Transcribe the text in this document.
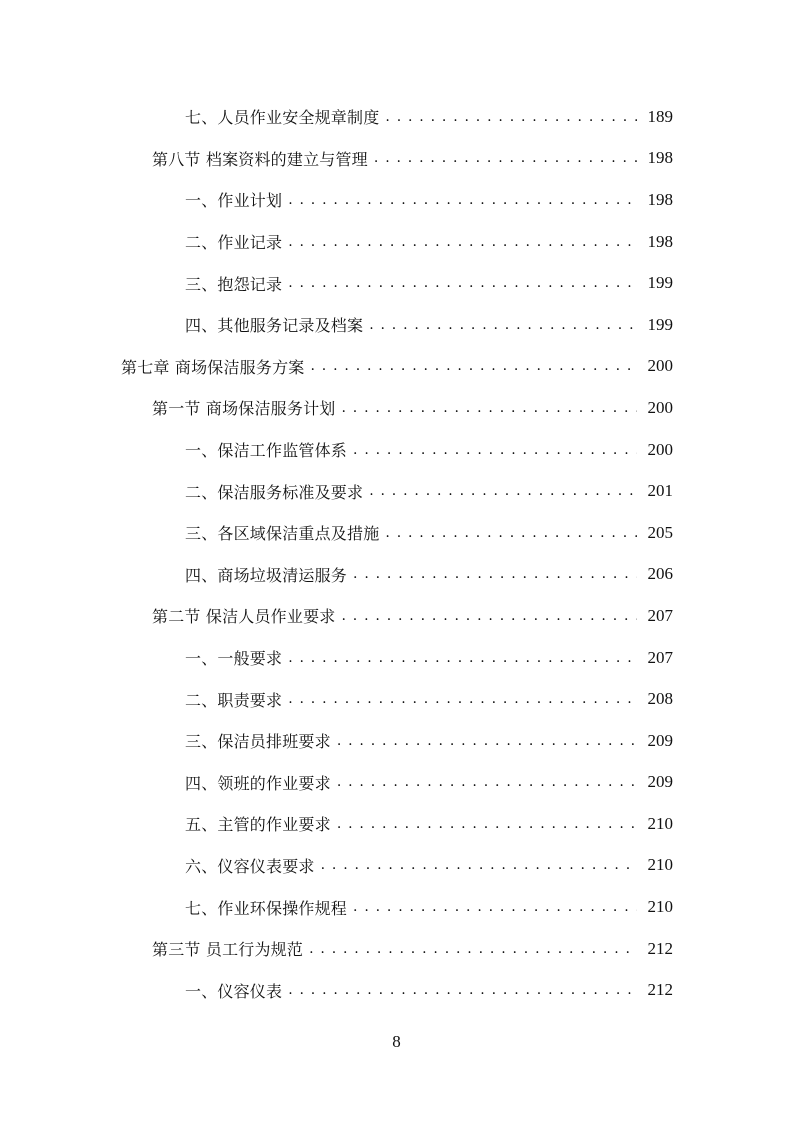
七、人员作业安全规章制度 . . .	189
第八节 档案资料的建立与管理 . . .	198
一、作业计划 . . .	198
二、作业记录 . . .	198
三、抱怨记录 . . .	199
四、其他服务记录及档案 . . .	199
第七章 商场保洁服务方案 . . .	200
第一节 商场保洁服务计划 . . .	200
一、保洁工作监管体系 . . .	200
二、保洁服务标准及要求 . . .	201
三、各区域保洁重点及措施 . . .	205
四、商场垃圾清运服务 . . .	206
第二节 保洁人员作业要求 . . .	207
一、一般要求 . . .	207
二、职责要求 . . .	208
三、保洁员排班要求 . . .	209
四、领班的作业要求 . . .	209
五、主管的作业要求 . . .	210
六、仪容仪表要求 . . .	210
七、作业环保操作规程 . . .	210
第三节 员工行为规范 . . .	212
一、仪容仪表 . . .	212
8
